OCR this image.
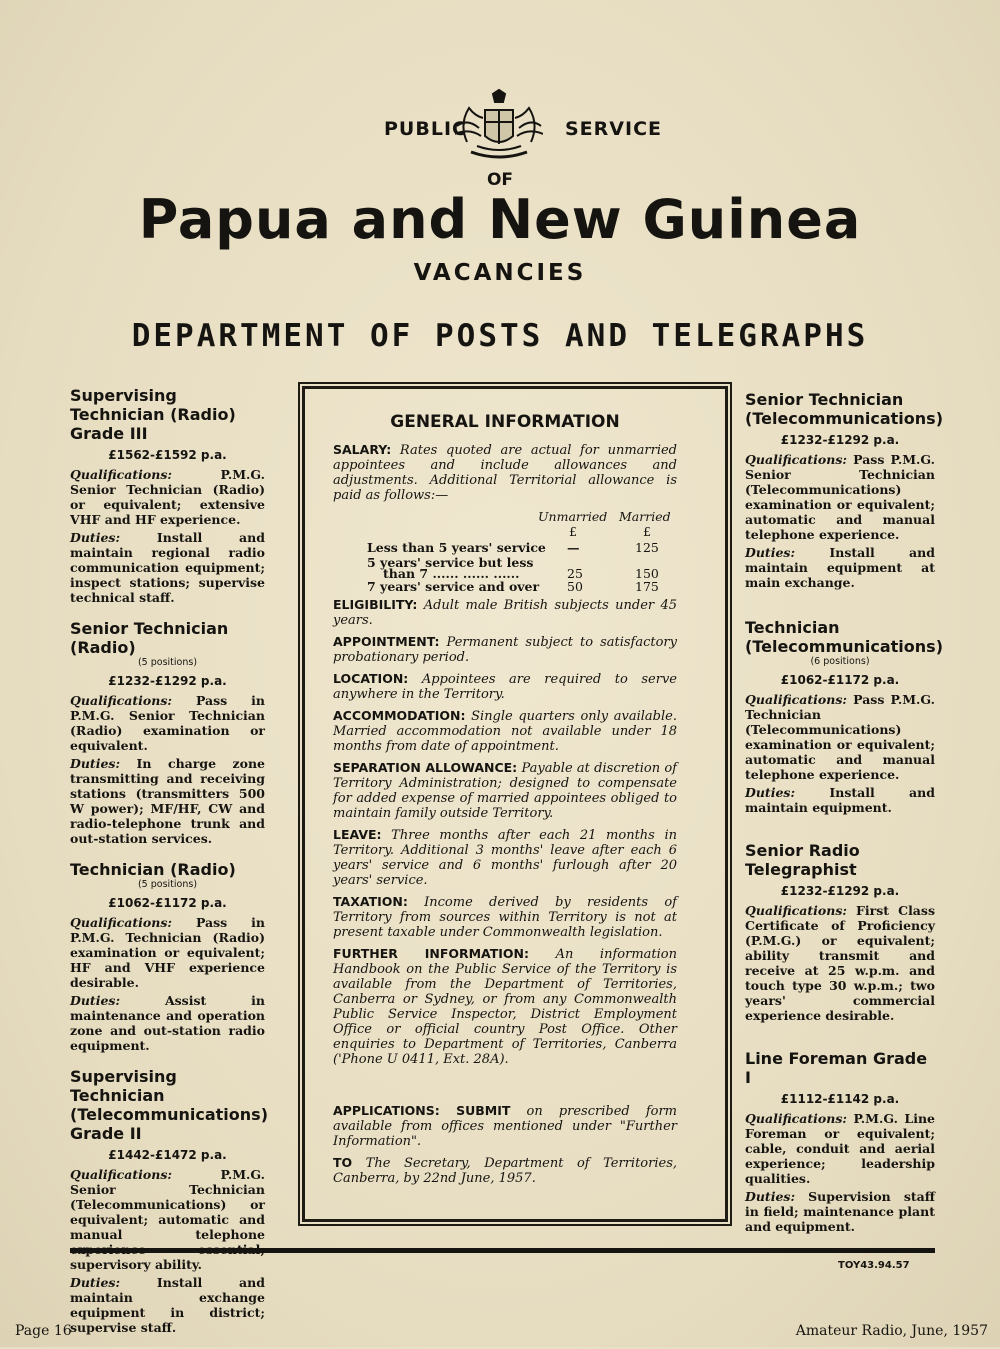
PUBLIC	SERVICE
OF
Papua and New Guinea
VACANCIES
DEPARTMENT OF POSTS AND TELEGRAPHS
Supervising Technician (Radio) Grade III
£1562-£1592 p.a.
Qualifications: P.M.G. Senior Technician (Radio) or equivalent; extensive VHF and HF experience.
Duties: Install and maintain regional radio communication equipment; inspect stations; supervise technical staff.
Senior Technician (Radio)
(5 positions)
£1232-£1292 p.a.
Qualifications: Pass in P.M.G. Senior Technician (Radio) examination or equivalent.
Duties: In charge zone transmitting and receiving stations (transmitters 500 W power); MF/HF, CW and radio-telephone trunk and out-station services.
Technician (Radio)
(5 positions)
£1062-£1172 p.a.
Qualifications: Pass in P.M.G. Technician (Radio) examination or equivalent; HF and VHF experience desirable.
Duties: Assist in maintenance and operation zone and out-station radio equipment.
Supervising Technician (Telecommunications) Grade II
£1442-£1472 p.a.
Qualifications:	P.M.G. Senior Technician (Telecommunications) or equivalent; automatic and manual telephone supervisory ability.
Duties: Install and maintain exchange equipment in district; supervise staff.
GENERAL INFORMATION
SALARY: Rates quoted are actual for unmarried appointees and include allowances and adjustments. Additional Territorial allowance is paid as follows:—
Unmarried Married
£	£
Less than 5 years' service —	125
5 years' service but less
than 7 ...... ...... ......	25	150
7 years' service and over 50	175
ELIGIBILITY: Adult male British subjects under 45 years.
APPOINTMENT: Permanent subject to satisfactory probationary period.
LOCATION: Appointees are required to serve anywhere in the Territory.
ACCOMMODATION: Single quarters only available. Married accommodation not available under 18 months from date of appointment.
SEPARATION ALLOWANCE: Payable at discretion of Territory Administration; designed to compensate for added expense of married appointees obliged to maintain family outside Territory.
LEAVE: Three months after each 21 months in Territory. Additional 3 months' leave after each 6 years' service and 6 months' furlough after 20 years' service.
TAXATION: Income derived by residents of Territory from sources within Territory is not at present taxable under Commonwealth legislation.
FURTHER INFORMATION: An information Handbook on the Public Service of the Territory is available from the Department of Territories, Canberra or Sydney, or from any Commonwealth Public Service Inspector, District Employment Office or official country Post Office. Other enquiries to Department of Territories, Canberra ('Phone U 0411, Ext. 28A).
APPLICATIONS: SUBMIT on prescribed form available from offices mentioned under "Further Information".
TO The Secretary, Department of Territories, Canberra, by 22nd June, 1957.
Senior Technician (Telecommunications)
£1232-£1292 p.a.
Qualifications: Pass P.M.G. Senior Technician (Telecommunications) examination or equivalent; automatic and manual telephone experience.
Duties: Install and maintain equipment at main exchange.
Technician (Telecommunications)
(6 positions)
£1062-£1172 p.a.
Qualifications: Pass P.M.G. Technician (Telecommunications) examination or equivalent; automatic and manual telephone experience.
Duties: Install and maintain equipment.
Senior Radio Telegraphist
£1232-£1292 p.a.
Qualifications: First Class Certificate of Proficiency (P.M.G.) or equivalent; ability transmit and receive at 25 w.p.m. and touch type 30 w.p.m.; two years' commercial experience desirable.
Line Foreman Grade I
£1112-£1142 p.a.
Qualifications: P.M.G. Line Foreman or equivalent; cable, conduit and aerial experience; leadership qualities.
Duties: Supervision staff in field; maintenance plant and equipment.
TOY43.94.57
Page 16	Amateur Radio, June, 1957
